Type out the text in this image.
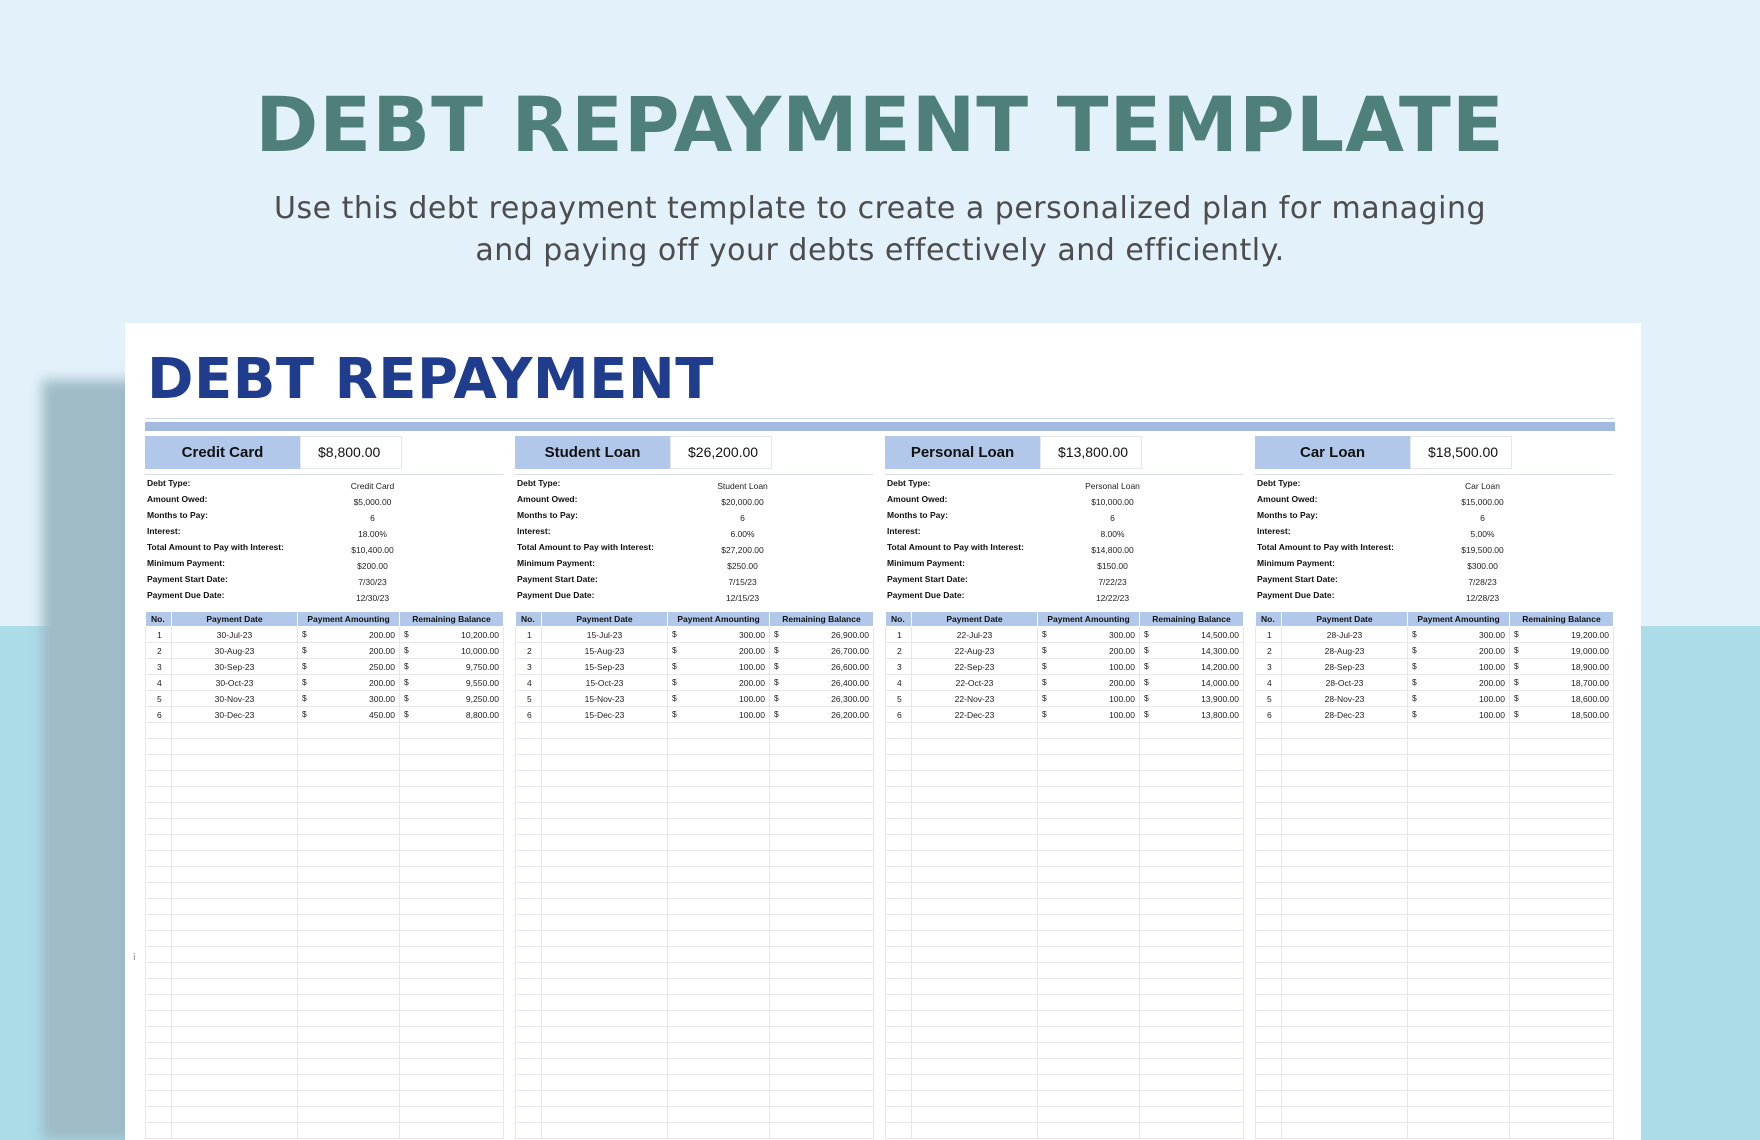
DEBT REPAYMENT TEMPLATE
Use this debt repayment template to create a personalized plan for managing
and paying off your debts effectively and efficiently.
DEBT REPAYMENT
i
Credit Card	$8,800.00
Debt Type:	Credit Card
Amount Owed:	$5,000.00
Months to Pay:	6
Interest:	18.00%
Total Amount to Pay with Interest:	$10,400.00
Minimum Payment:	$200.00
Payment Start Date:	7/30/23
Payment Due Date:	12/30/23
No.	Payment Date	Payment Amounting	Remaining Balance
1	30-Jul-23	$ 200.00	$ 10,200.00
2	30-Aug-23	$ 200.00	$ 10,000.00
3	30-Sep-23	$ 250.00	$ 9,750.00
4	30-Oct-23	$ 200.00	$ 9,550.00
5	30-Nov-23	$ 300.00	$ 9,250.00
6	30-Dec-23	$ 450.00	$ 8,800.00

Student Loan	$26,200.00
Debt Type:	Student Loan
Amount Owed:	$20,000.00
Months to Pay:	6
Interest:	6.00%
Total Amount to Pay with Interest:	$27,200.00
Minimum Payment:	$250.00
Payment Start Date:	7/15/23
Payment Due Date:	12/15/23
No.	Payment Date	Payment Amounting	Remaining Balance
1	15-Jul-23	$ 300.00	$ 26,900.00
2	15-Aug-23	$ 200.00	$ 26,700.00
3	15-Sep-23	$ 100.00	$ 26,600.00
4	15-Oct-23	$ 200.00	$ 26,400.00
5	15-Nov-23	$ 100.00	$ 26,300.00
6	15-Dec-23	$ 100.00	$ 26,200.00

Personal Loan	$13,800.00
Debt Type:	Personal Loan
Amount Owed:	$10,000.00
Months to Pay:	6
Interest:	8.00%
Total Amount to Pay with Interest:	$14,800.00
Minimum Payment:	$150.00
Payment Start Date:	7/22/23
Payment Due Date:	12/22/23
No.	Payment Date	Payment Amounting	Remaining Balance
1	22-Jul-23	$ 300.00	$ 14,500.00
2	22-Aug-23	$ 200.00	$ 14,300.00
3	22-Sep-23	$ 100.00	$ 14,200.00
4	22-Oct-23	$ 200.00	$ 14,000.00
5	22-Nov-23	$ 100.00	$ 13,900.00
6	22-Dec-23	$ 100.00	$ 13,800.00

Car Loan	$18,500.00
Debt Type:	Car Loan
Amount Owed:	$15,000.00
Months to Pay:	6
Interest:	5.00%
Total Amount to Pay with Interest:	$19,500.00
Minimum Payment:	$300.00
Payment Start Date:	7/28/23
Payment Due Date:	12/28/23
No.	Payment Date	Payment Amounting	Remaining Balance
1	28-Jul-23	$ 300.00	$ 19,200.00
2	28-Aug-23	$ 200.00	$ 19,000.00
3	28-Sep-23	$ 100.00	$ 18,900.00
4	28-Oct-23	$ 200.00	$ 18,700.00
5	28-Nov-23	$ 100.00	$ 18,600.00
6	28-Dec-23	$ 100.00	$ 18,500.00
